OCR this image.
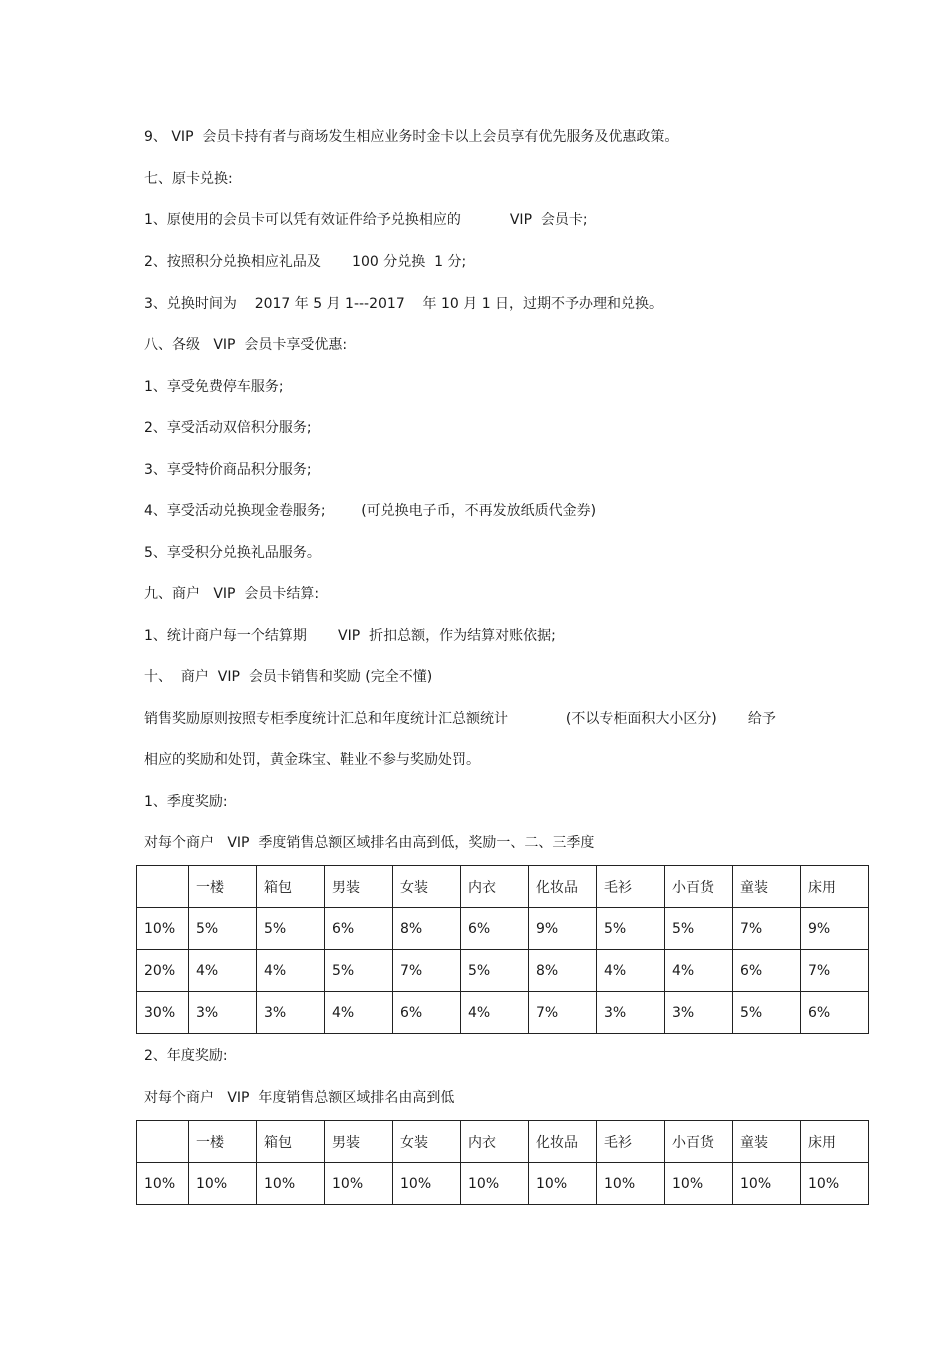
9、 VIP  会员卡持有者与商场发生相应业务时金卡以上会员享有优先服务及优惠政策。
七、原卡兑换:
1、原使用的会员卡可以凭有效证件给予兑换相应的           VIP  会员卡;
2、按照积分兑换相应礼品及       100 分兑换  1 分;
3、兑换时间为    2017 年 5 月 1---2017    年 10 月 1 日，过期不予办理和兑换。
八、各级   VIP  会员卡享受优惠:
1、享受免费停车服务;
2、享受活动双倍积分服务;
3、享受特价商品积分服务;
4、享受活动兑换现金卷服务;        (可兑换电子币，不再发放纸质代金券)
5、享受积分兑换礼品服务。
九、商户   VIP  会员卡结算:
1、统计商户每一个结算期       VIP  折扣总额，作为结算对账依据;
十、  商户  VIP  会员卡销售和奖励 (完全不懂)
销售奖励原则按照专柜季度统计汇总和年度统计汇总额统计             (不以专柜面积大小区分)       给予
相应的奖励和处罚，黄金珠宝、鞋业不参与奖励处罚。
1、季度奖励:
对每个商户   VIP  季度销售总额区域排名由高到低，奖励一、二、三季度
	一楼	箱包	男装	女装	内衣	化妆品	毛衫	小百货	童装	床用
10%	5%	5%	6%	8%	6%	9%	5%	5%	7%	9%
20%	4%	4%	5%	7%	5%	8%	4%	4%	6%	7%
30%	3%	3%	4%	6%	4%	7%	3%	3%	5%	6%
2、年度奖励:
对每个商户   VIP  年度销售总额区域排名由高到低
	一楼	箱包	男装	女装	内衣	化妆品	毛衫	小百货	童装	床用
10%	10%	10%	10%	10%	10%	10%	10%	10%	10%	10%
